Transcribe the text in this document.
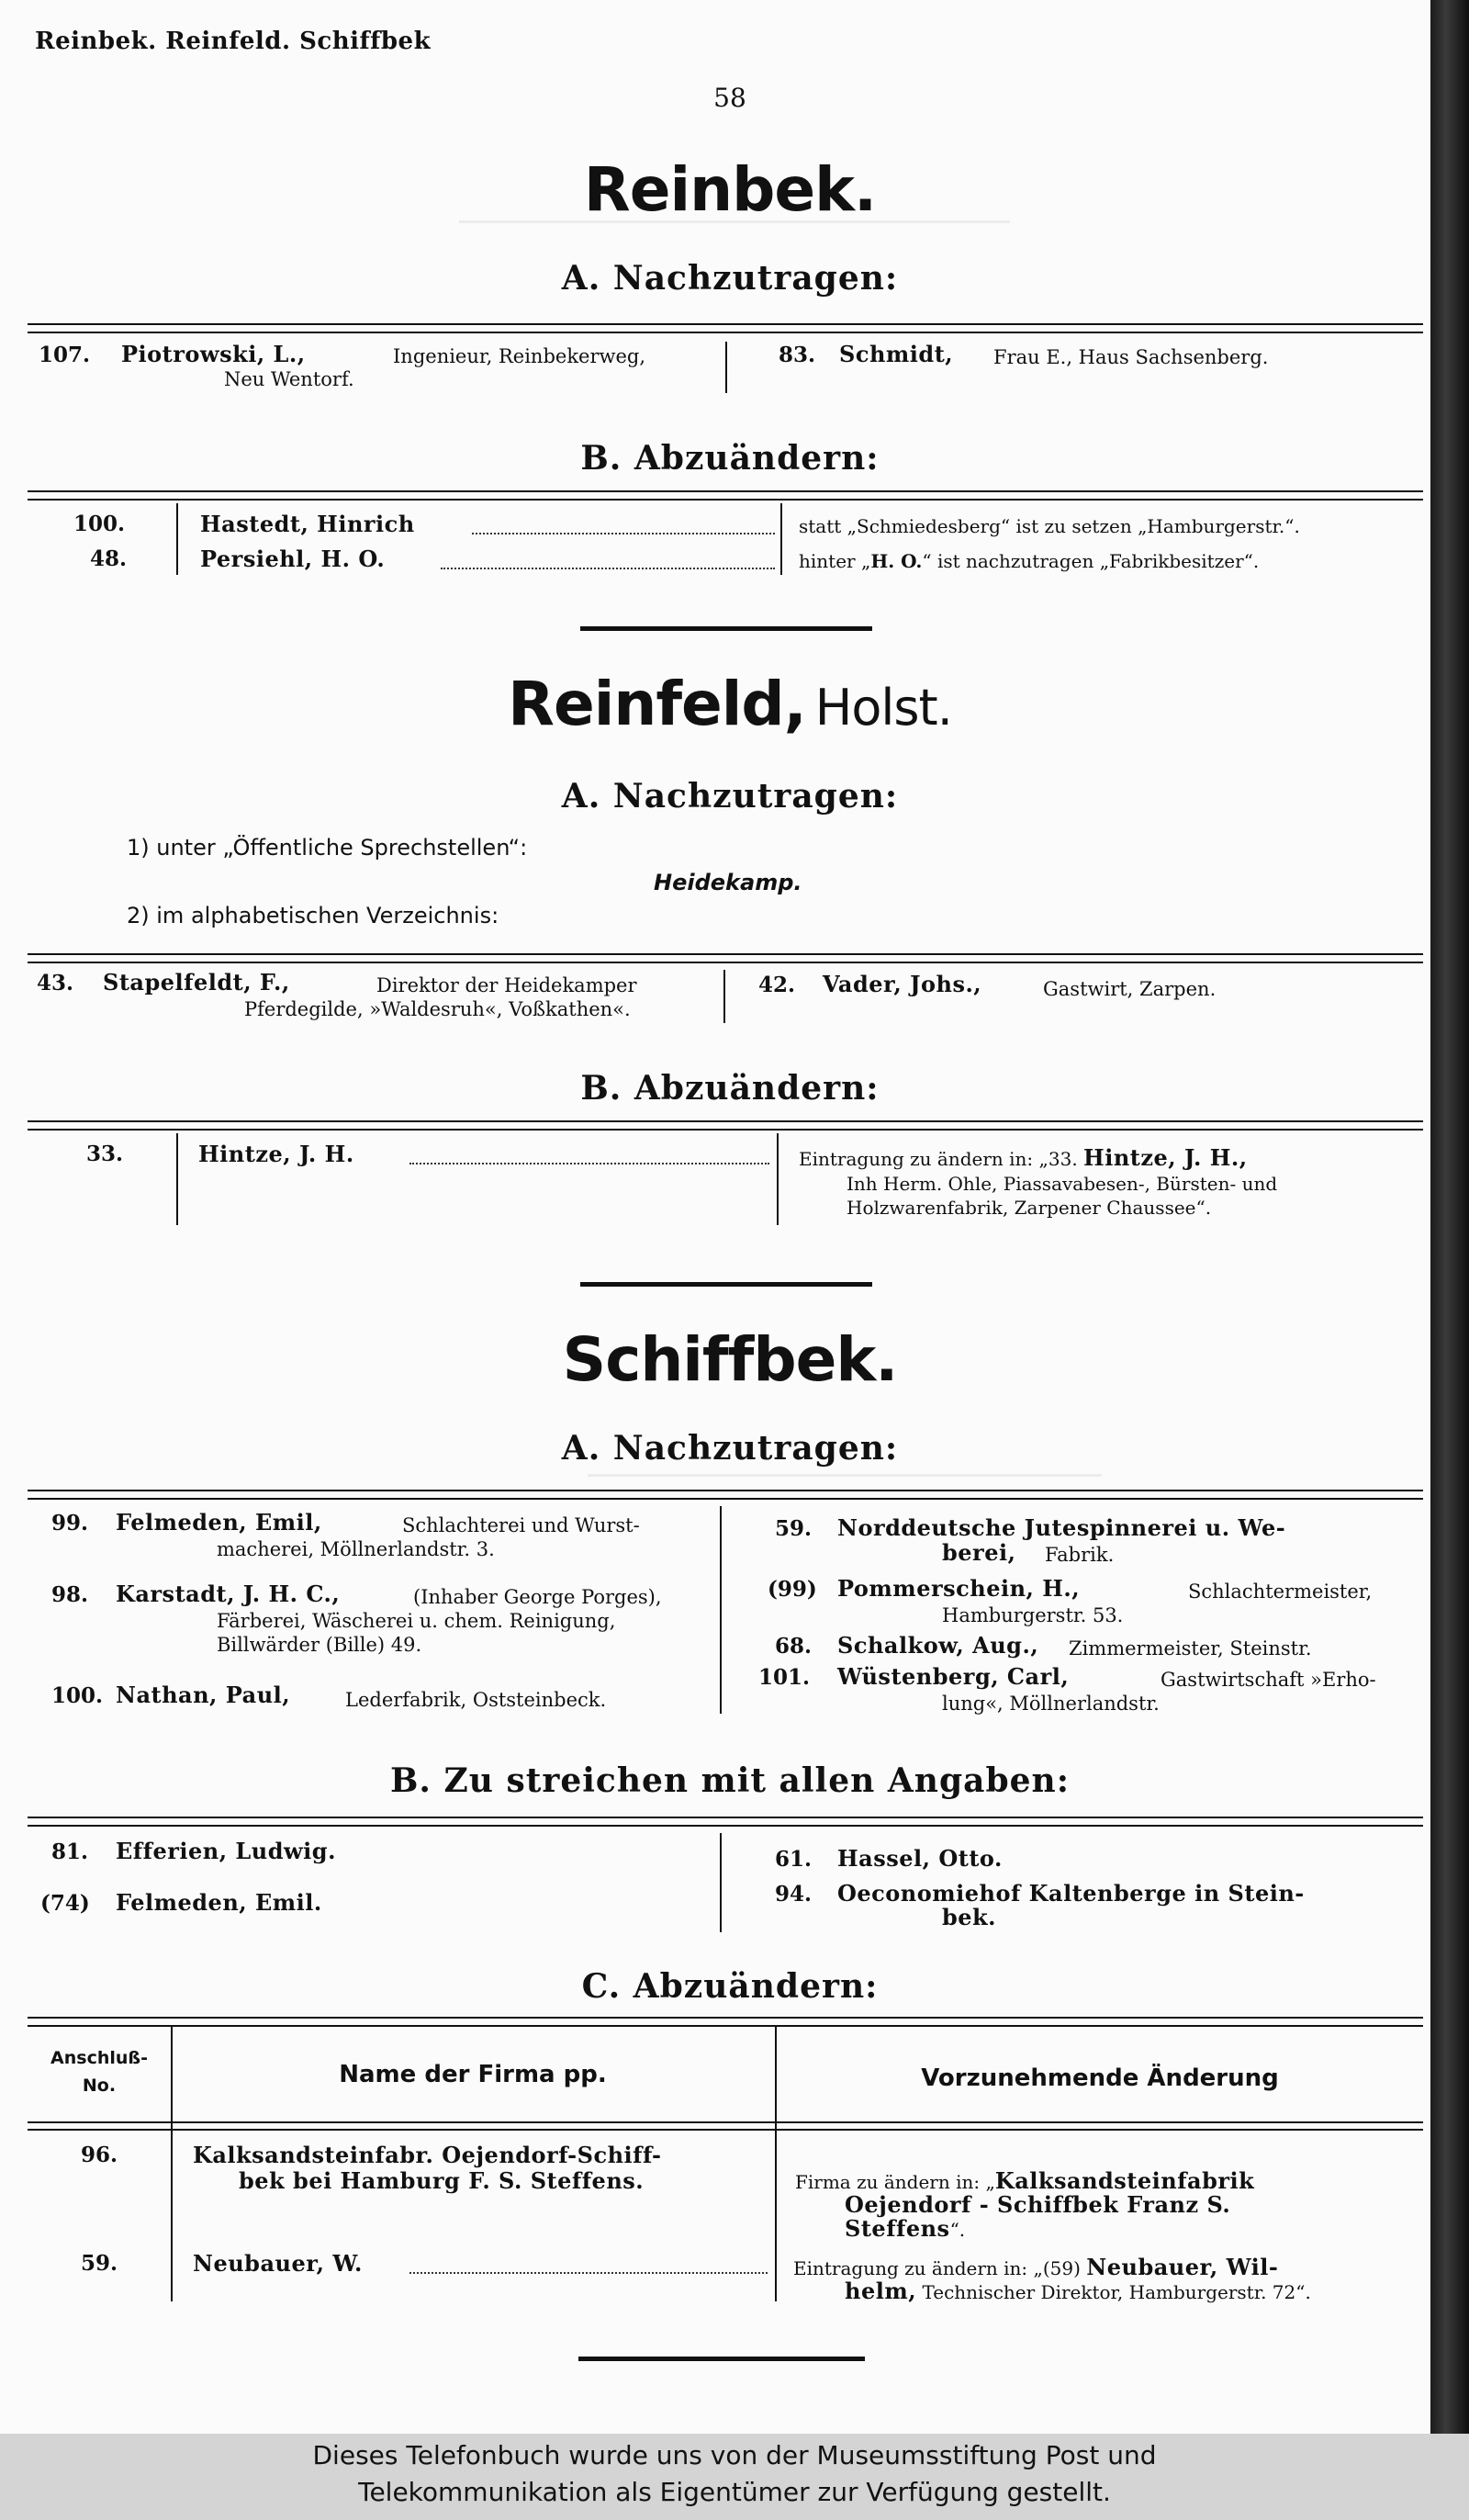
Reinbek. Reinfeld. Schiffbek
58
Reinbek.
A. Nachzutragen:
107. Piotrowski, L.,	Ingenieur, Reinbekerweg,
Neu Wentorf.
83. Schmidt, Frau E., Haus Sachsenberg.
B. Abzuändern:
100.	Hastedt, Hinrich	statt „Schmiedesberg“ ist zu setzen „Hamburgerstr.“.
48.	Persiehl, H. O.	hinter „H. O.“ ist nachzutragen „Fabrikbesitzer“.
Reinfeld, Holst.
A. Nachzutragen:
1) unter „Öffentliche Sprechstellen“:
Heidekamp.
2) im alphabetischen Verzeichnis:
43. Stapelfeldt, F.,	Direktor der Heidekamper
Pferdegilde, »Waldesruh«, Voßkathen«.
42. Vader, Johs.,	Gastwirt, Zarpen.
B. Abzuändern:
33.	Hintze, J. H.	Eintragung zu ändern in: „33. Hintze, J. H.,
Inh Herm. Ohle, Piassavabesen-, Bürsten- und
Holzwarenfabrik, Zarpener Chaussee“.
Schiffbek.
A. Nachzutragen:
99. Felmeden, Emil,	Schlachterei und Wurst-
macherei, Möllnerlandstr. 3.
98. Karstadt, J. H. C.,	(Inhaber George Porges),
Färberei, Wäscherei u. chem. Reinigung,
Billwärder (Bille) 49.
100. Nathan, Paul,	Lederfabrik, Oststeinbeck.
59. Norddeutsche Jutespinnerei u. We-
berei, Fabrik.
(99) Pommerschein, H.,	Schlachtermeister,
Hamburgerstr. 53.
68. Schalkow, Aug., Zimmermeister, Steinstr.
101. Wüstenberg, Carl,	Gastwirtschaft »Erho-
lung«, Möllnerlandstr.
B. Zu streichen mit allen Angaben:
81. Efferien, Ludwig.
(74) Felmeden, Emil.
61. Hassel, Otto.
94. Oeconomiehof Kaltenberge in Stein-
bek.
C. Abzuändern:
Anschluß-
No.	Name der Firma pp.	Vorzunehmende Änderung
96.	Kalksandsteinfabr. Oejendorf-Schiff-
bek bei Hamburg F. S. Steffens.	Firma zu ändern in: „Kalksandsteinfabrik
Oejendorf - Schiffbek Franz S.
Steffens“.
59.	Neubauer, W.	Eintragung zu ändern in: „(59) Neubauer, Wil-
helm, Technischer Direktor, Hamburgerstr. 72“.
Dieses Telefonbuch wurde uns von der Museumsstiftung Post und
Telekommunikation als Eigentümer zur Verfügung gestellt.
